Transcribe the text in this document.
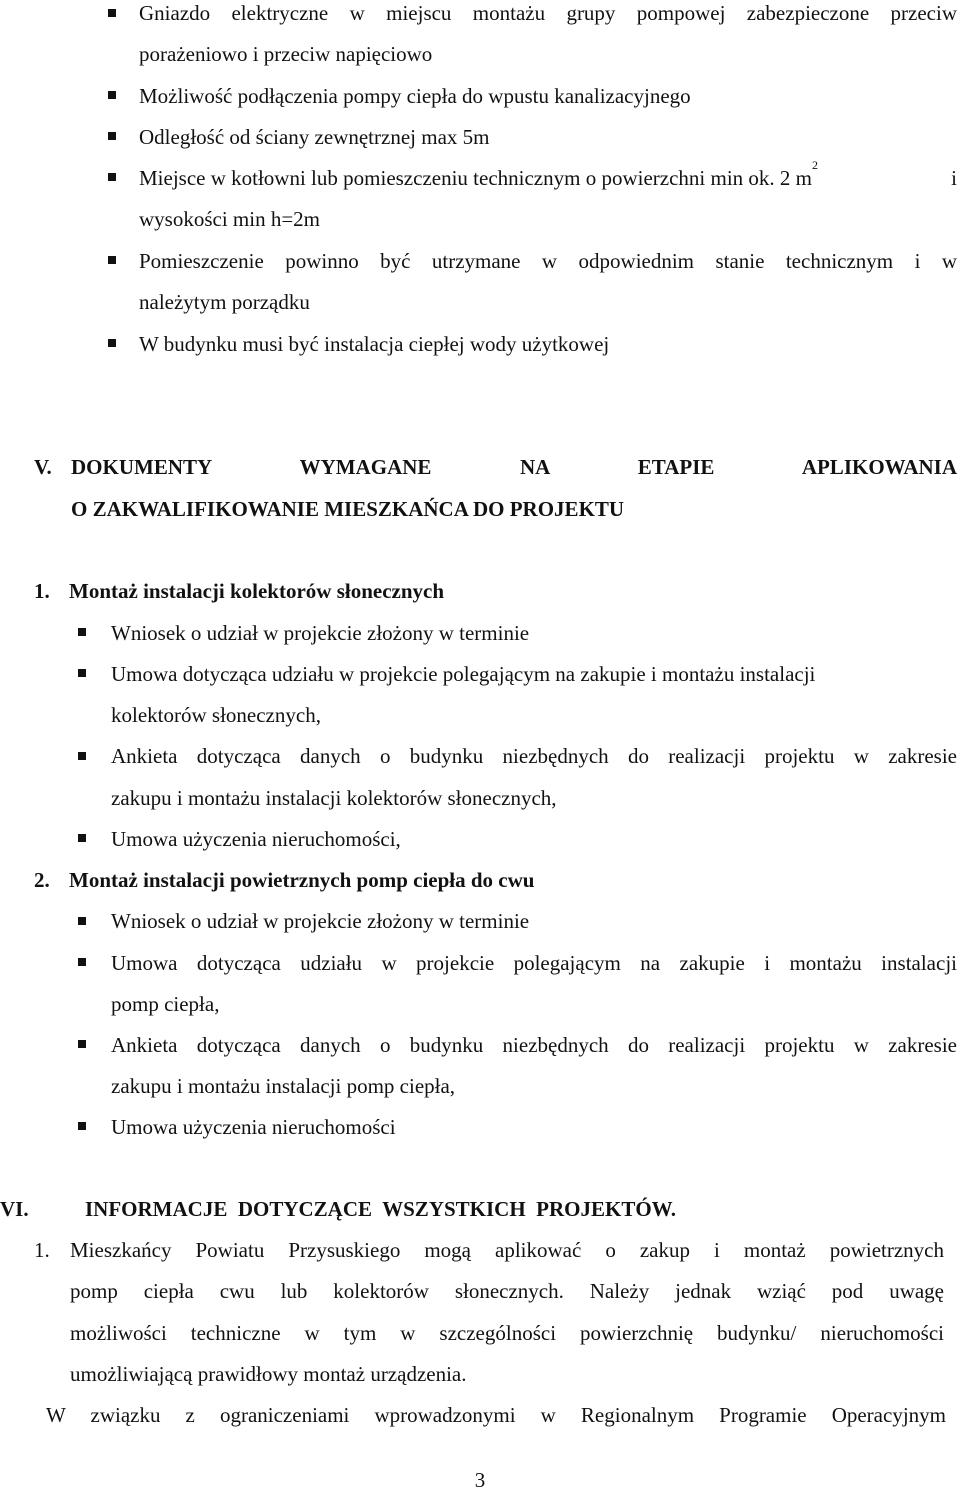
Gniazdo elektryczne w miejscu montażu grupy pompowej zabezpieczone przeciw
porażeniowo i przeciw napięciowo
Możliwość podłączenia pompy ciepła do wpustu kanalizacyjnego
Odległość od ściany zewnętrznej max 5m
Miejsce w kotłowni lub pomieszczeniu technicznym o powierzchni min ok. 2 m
2
i
wysokości min h=2m
Pomieszczenie powinno być utrzymane w odpowiednim stanie technicznym i w
należytym porządku
W budynku musi być instalacja ciepłej wody użytkowej
V. DOKUMENTY WYMAGANE NA ETAPIE APLIKOWANIA
O ZAKWALIFIKOWANIE MIESZKAŃCA DO PROJEKTU
1. Montaż instalacji kolektorów słonecznych
Wniosek o udział w projekcie złożony w terminie
Umowa dotycząca udziału w projekcie polegającym na zakupie i montażu instalacji
kolektorów słonecznych,
Ankieta dotycząca danych o budynku niezbędnych do realizacji projektu w zakresie
zakupu i montażu instalacji kolektorów słonecznych,
Umowa użyczenia nieruchomości,
2. Montaż instalacji powietrznych pomp ciepła do cwu
Wniosek o udział w projekcie złożony w terminie
Umowa dotycząca udziału w projekcie polegającym na zakupie i montażu instalacji
pomp ciepła,
Ankieta dotycząca danych o budynku niezbędnych do realizacji projektu w zakresie
zakupu i montażu instalacji pomp ciepła,
Umowa użyczenia nieruchomości
VI.	INFORMACJE  DOTYCZĄCE  WSZYSTKICH  PROJEKTÓW.
1. Mieszkańcy Powiatu Przysuskiego mogą aplikować o zakup i montaż powietrznych
pomp ciepła cwu lub kolektorów słonecznych. Należy jednak wziąć pod uwagę
możliwości techniczne w tym w szczególności powierzchnię budynku/ nieruchomości
umożliwiającą prawidłowy montaż urządzenia.
W związku z ograniczeniami wprowadzonymi w Regionalnym Programie Operacyjnym
3
